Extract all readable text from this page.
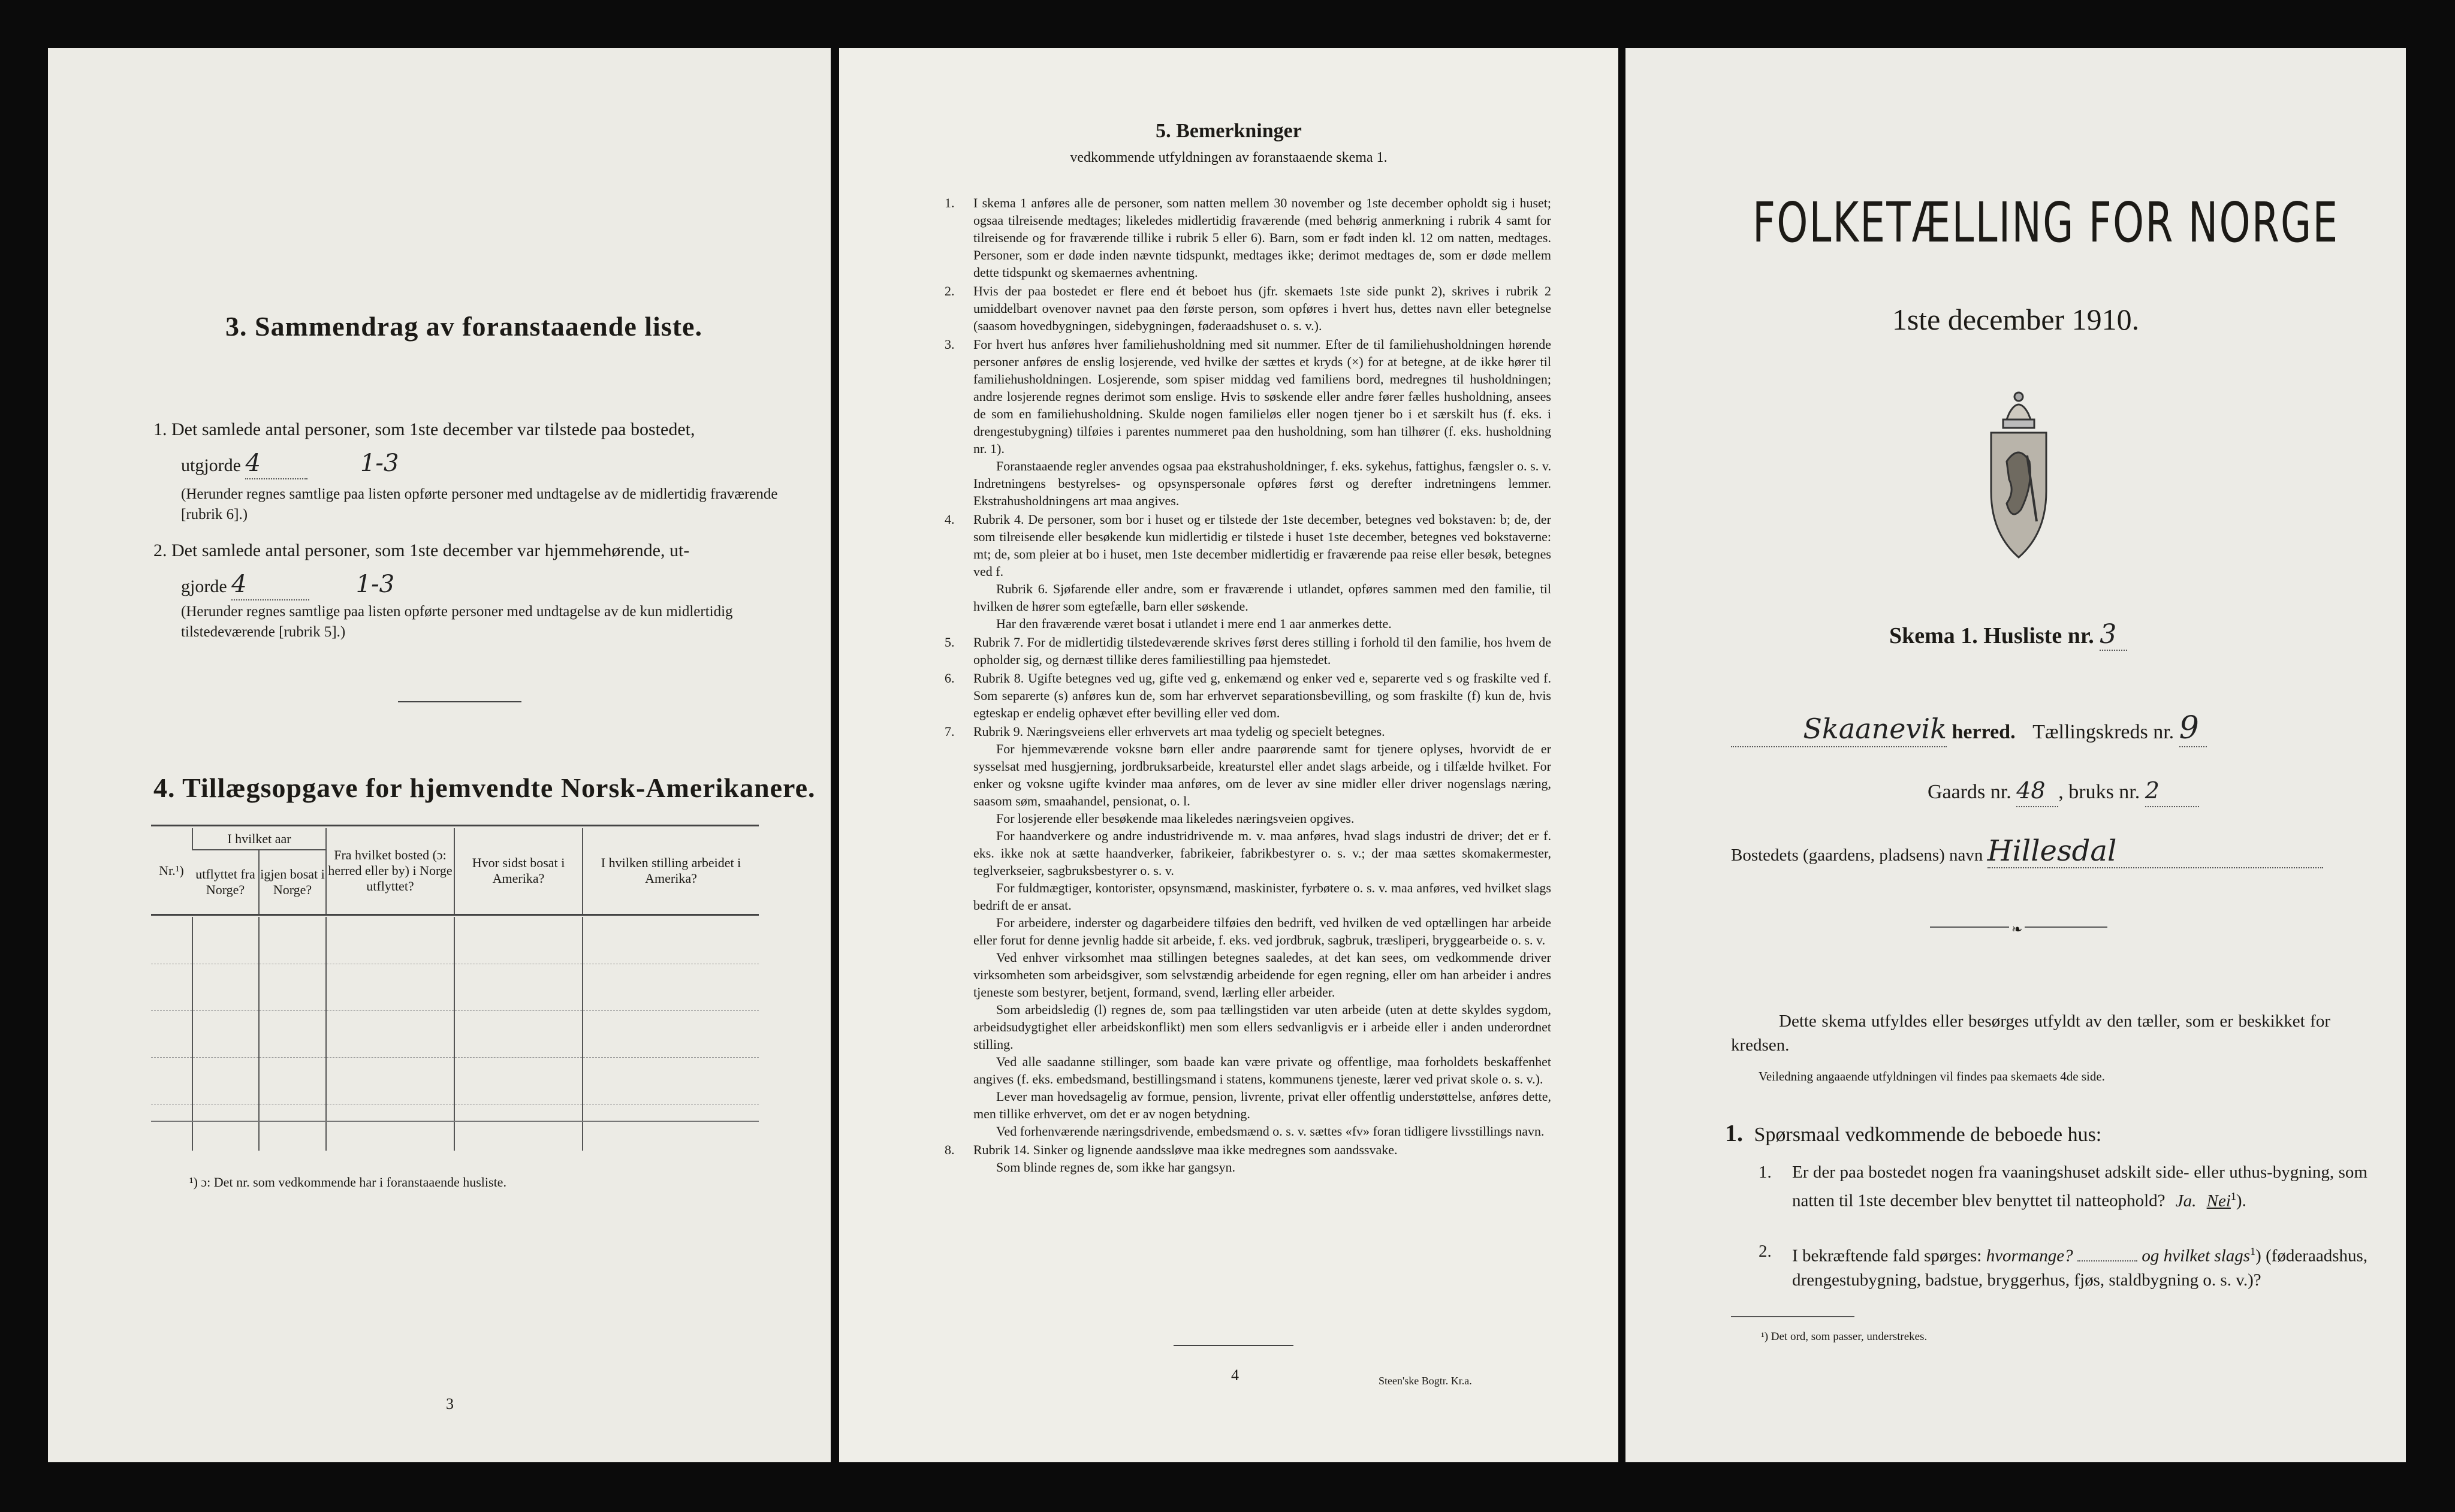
3. Sammendrag av foranstaaende liste.
1. Det samlede antal personer, som 1ste december var tilstede paa bostedet,
utgjorde 4	1-3
(Herunder regnes samtlige paa listen opførte personer med undtagelse av de midlertidig fraværende [rubrik 6].)
2. Det samlede antal personer, som 1ste december var hjemmehørende, ut-
gjorde 4	1-3
(Herunder regnes samtlige paa listen opførte personer med undtagelse av de kun midlertidig tilstedeværende [rubrik 5].)
4. Tillægsopgave for hjemvendte Norsk-Amerikanere.
Nr.¹)	I hvilket aar		Fra hvilket bosted (ɔ: herred eller by) i Norge utflyttet?	Hvor sidst bosat i Amerika?	I hvilken stilling arbeidet i Amerika?
	utflyttet fra Norge?	igjen bosat i Norge?			

¹) ɔ: Det nr. som vedkommende har i foranstaaende husliste.
3
5. Bemerkninger
vedkommende utfyldningen av foranstaaende skema 1.
1. I skema 1 anføres alle de personer, som natten mellem 30 november og 1ste december opholdt sig i huset; ogsaa tilreisende medtages; likeledes midlertidig fraværende (med behørig anmerkning i rubrik 4 samt for tilreisende og for fraværende tillike i rubrik 5 eller 6). Barn, som er født inden kl. 12 om natten, medtages. Personer, som er døde inden nævnte tidspunkt, medtages ikke; derimot medtages de, som er døde mellem dette tidspunkt og skemaernes avhentning.
2. Hvis der paa bostedet er flere end ét beboet hus (jfr. skemaets 1ste side punkt 2), skrives i rubrik 2 umiddelbart ovenover navnet paa den første person, som opføres i hvert hus, dettes navn eller betegnelse (saasom hovedbygningen, sidebygningen, føderaadshuset o. s. v.).
3. For hvert hus anføres hver familiehusholdning med sit nummer. Efter de til familiehusholdningen hørende personer anføres de enslig losjerende, ved hvilke der sættes et kryds (×) for at betegne, at de ikke hører til familiehusholdningen. Losjerende, som spiser middag ved familiens bord, medregnes til husholdningen; andre losjerende regnes derimot som enslige. Hvis to søskende eller andre fører fælles husholdning, ansees de som en familiehusholdning. Skulde nogen familieløs eller nogen tjener bo i et særskilt hus (f. eks. i drengestubygning) tilføies i parentes nummeret paa den husholdning, som han tilhører (f. eks. husholdning nr. 1).
Foranstaaende regler anvendes ogsaa paa ekstrahusholdninger, f. eks. sykehus, fattighus, fængsler o. s. v. Indretningens bestyrelses- og opsynspersonale opføres først og derefter indretningens lemmer. Ekstrahusholdningens art maa angives.
4. Rubrik 4. De personer, som bor i huset og er tilstede der 1ste december, betegnes ved bokstaven: b; de, der som tilreisende eller besøkende kun midlertidig er tilstede i huset 1ste december, betegnes ved bokstaverne: mt; de, som pleier at bo i huset, men 1ste december midlertidig er fraværende paa reise eller besøk, betegnes ved f.
Rubrik 6. Sjøfarende eller andre, som er fraværende i utlandet, opføres sammen med den familie, til hvilken de hører som egtefælle, barn eller søskende.
Har den fraværende været bosat i utlandet i mere end 1 aar anmerkes dette.
5. Rubrik 7. For de midlertidig tilstedeværende skrives først deres stilling i forhold til den familie, hos hvem de opholder sig, og dernæst tillike deres familiestilling paa hjemstedet.
6. Rubrik 8. Ugifte betegnes ved ug, gifte ved g, enkemænd og enker ved e, separerte ved s og fraskilte ved f. Som separerte (s) anføres kun de, som har erhvervet separationsbevilling, og som fraskilte (f) kun de, hvis egteskap er endelig ophævet efter bevilling eller ved dom.
7. Rubrik 9. Næringsveiens eller erhvervets art maa tydelig og specielt betegnes.
For hjemmeværende voksne børn eller andre paarørende samt for tjenere oplyses, hvorvidt de er sysselsat med husgjerning, jordbruksarbeide, kreaturstel eller andet slags arbeide, og i tilfælde hvilket. For enker og voksne ugifte kvinder maa anføres, om de lever av sine midler eller driver nogenslags næring, saasom søm, smaahandel, pensionat, o. l.
For losjerende eller besøkende maa likeledes næringsveien opgives.
For haandverkere og andre industridrivende m. v. maa anføres, hvad slags industri de driver; det er f. eks. ikke nok at sætte haandverker, fabrikeier, fabrikbestyrer o. s. v.; der maa sættes skomakermester, teglverkseier, sagbruksbestyrer o. s. v.
For fuldmægtiger, kontorister, opsynsmænd, maskinister, fyrbøtere o. s. v. maa anføres, ved hvilket slags bedrift de er ansat.
For arbeidere, inderster og dagarbeidere tilføies den bedrift, ved hvilken de ved optællingen har arbeide eller forut for denne jevnlig hadde sit arbeide, f. eks. ved jordbruk, sagbruk, træsliperi, bryggearbeide o. s. v.
Ved enhver virksomhet maa stillingen betegnes saaledes, at det kan sees, om vedkommende driver virksomheten som arbeidsgiver, som selvstændig arbeidende for egen regning, eller om han arbeider i andres tjeneste som bestyrer, betjent, formand, svend, lærling eller arbeider.
Som arbeidsledig (l) regnes de, som paa tællingstiden var uten arbeide (uten at dette skyldes sygdom, arbeidsudygtighet eller arbeidskonflikt) men som ellers sedvanligvis er i arbeide eller i anden underordnet stilling.
Ved alle saadanne stillinger, som baade kan være private og offentlige, maa forholdets beskaffenhet angives (f. eks. embedsmand, bestillingsmand i statens, kommunens tjeneste, lærer ved privat skole o. s. v.).
Lever man hovedsagelig av formue, pension, livrente, privat eller offentlig understøttelse, anføres dette, men tillike erhvervet, om det er av nogen betydning.
Ved forhenværende næringsdrivende, embedsmænd o. s. v. sættes «fv» foran tidligere livsstillings navn.
8. Rubrik 14. Sinker og lignende aandssløve maa ikke medregnes som aandssvake.
Som blinde regnes de, som ikke har gangsyn.
4	Steen'ske Bogtr. Kr.a.
FOLKETÆLLING FOR NORGE
1ste december 1910.
Skema 1. Husliste nr. 3
Skaanevik herred. Tællingskreds nr. 9
Gaards nr. 48 , bruks nr. 2
Bostedets (gaardens, pladsens) navn Hillesdal
❧
Dette skema utfyldes eller besørges utfyldt av den tæller, som er beskikket for kredsen.
Veiledning angaaende utfyldningen vil findes paa skemaets 4de side.
1. Spørsmaal vedkommende de beboede hus:
1. Er der paa bostedet nogen fra vaaningshuset adskilt side- eller uthus-bygning, som natten til 1ste december blev benyttet til natteophold? Ja. Nei$^1$).
2. I bekræftende fald spørges: hvormange?	og hvilket slags$^1$) (føderaadshus, drengestubygning, badstue, bryggerhus, fjøs, staldbygning o. s. v.)?
¹) Det ord, som passer, understrekes.
